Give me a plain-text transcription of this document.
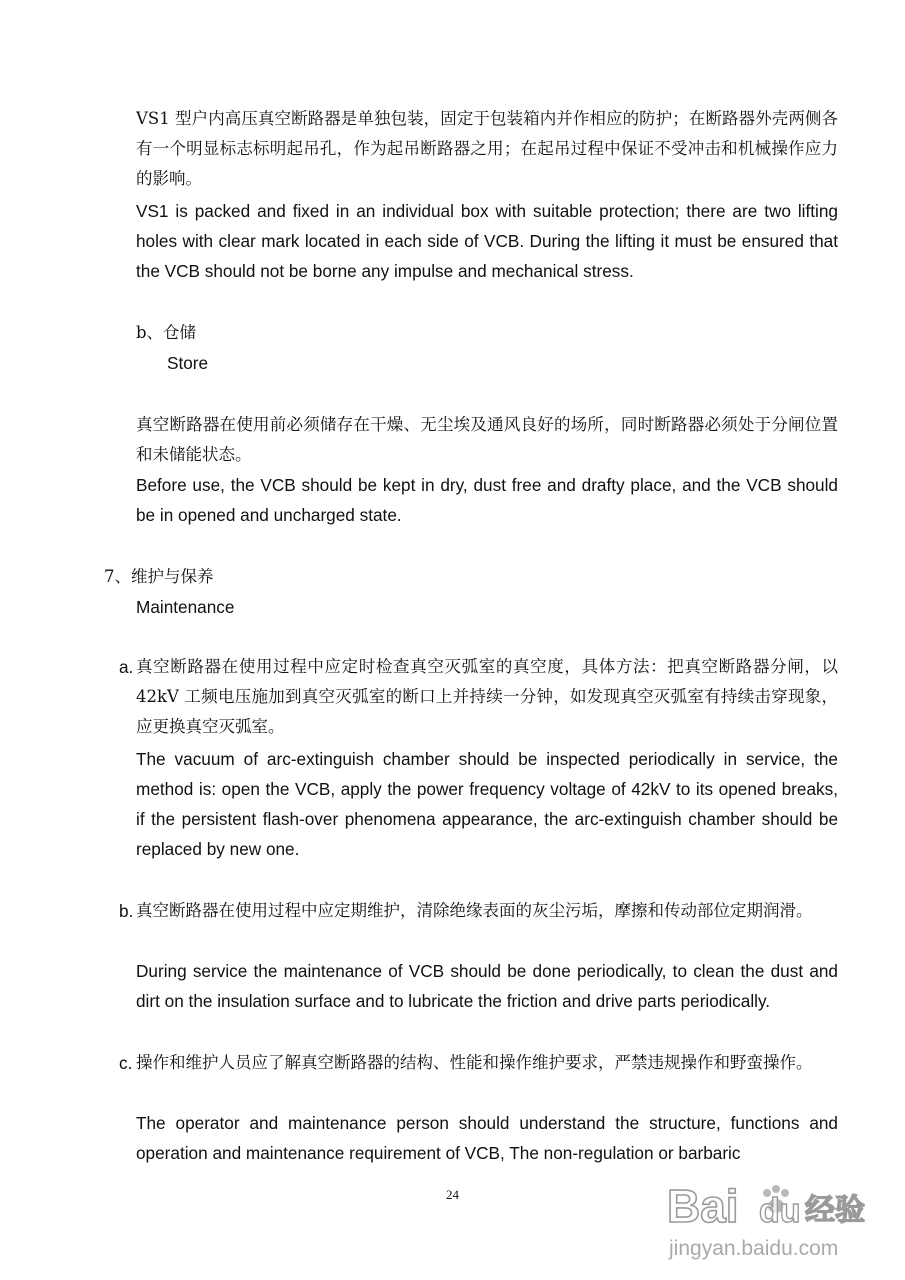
VS1 型户内高压真空断路器是单独包装，固定于包装箱内并作相应的防护；在断路器外壳两侧各有一个明显标志标明起吊孔，作为起吊断路器之用；在起吊过程中保证不受冲击和机械操作应力的影响。

VS1 is packed and fixed in an individual box with suitable protection; there are two lifting holes with clear mark located in each side of VCB. During the lifting it must be ensured that the VCB should not be borne any impulse and mechanical stress.

b、仓储

Store

真空断路器在使用前必须储存在干燥、无尘埃及通风良好的场所，同时断路器必须处于分闸位置和未储能状态。

Before use, the VCB should be kept in dry, dust free and drafty place, and the VCB should be in opened and uncharged state.

7、维护与保养

Maintenance

a. 真空断路器在使用过程中应定时检查真空灭弧室的真空度，具体方法：把真空断路器分闸，以 42kV 工频电压施加到真空灭弧室的断口上并持续一分钟，如发现真空灭弧室有持续击穿现象，应更换真空灭弧室。

The vacuum of arc-extinguish chamber should be inspected periodically in service, the method is: open the VCB, apply the power frequency voltage of 42kV to its opened breaks, if the persistent flash-over phenomena appearance, the arc-extinguish chamber should be replaced by new one.

b. 真空断路器在使用过程中应定期维护，清除绝缘表面的灰尘污垢，摩擦和传动部位定期润滑。

During service the maintenance of VCB should be done periodically, to clean the dust and dirt on the insulation surface and to lubricate the friction and drive parts periodically.

c. 操作和维护人员应了解真空断路器的结构、性能和操作维护要求，严禁违规操作和野蛮操作。

The operator and maintenance person should understand the structure, functions and operation and maintenance requirement of VCB, The non-regulation or barbaric

24	Bai du 经验
jingyan.baidu.com
